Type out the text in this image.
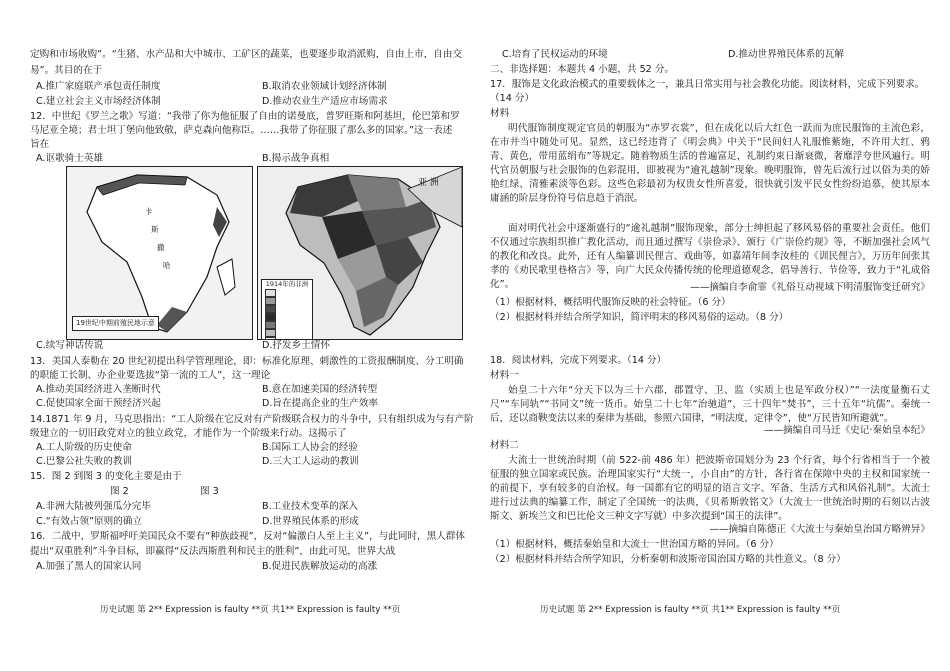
定购和市场收购”。“生猪、水产品和大中城市、工矿区的蔬菜，也要逐步取消派购，自由上市，自由交
易”。其目的在于
A.推广家庭联产承包责任制度	B.取消农业领域计划经济体制
C.建立社会主义市场经济体制	D.推动农业生产适应市场需求
12．中世纪《罗兰之歌》写道：“我带了你为他征服了自由的诺曼底，普罗旺斯和阿基坦，伦巴第和罗
马尼亚全境；君士坦丁堡向他致敬，萨克森向他称臣。……我带了你征服了那么多的国家。”这一表述
旨在
A.讴歌骑士英雄	B.揭示战争真相
卡
斯
撒
哈
19世纪中期前殖民地示意
亚 洲
1914年的非洲
C.续写神话传说	D.抒发乡土情怀
13．美国人泰勒在 20 世纪初提出科学管理理论，即：标准化原理、刺激性的工资报酬制度、分工明确
的职能工长制、办企业要选拔“第一流的工人”，这一理论
A.推动美国经济进入垄断时代	B.意在加速美国的经济转型
C.促使国家全面干预经济兴起	D.旨在提高企业的生产效率
14.1871 年 9 月，马克思指出：“工人阶级在它反对有产阶级联合权力的斗争中，只有组织成为与有产阶
级建立的一切旧政党对立的独立政党，才能作为一个阶级来行动。这揭示了
A.工人阶级的历史使命	B.国际工人协会的经验
C.巴黎公社失败的教训	D.三大工人运动的教训
15．图 2 到图 3 的变化主要是由于
图 2	图 3
A.非洲大陆被列强瓜分完毕	B.工业技术变革的深入
C.“有效占领”原则的确立	D.世界殖民体系的形成
16．二战中，罗斯福呼吁美国民众不要有“种族歧视”，反对“偏激白人至上主义”，与此同时，黑人群体
提出“双重胜利”斗争目标，即赢得“反法西斯胜利和民主的胜利”，由此可见，世界大战
A.加强了黑人的国家认同	B.促进民族解放运动的高涨
历史试题 第 2** Expression is faulty **页 共1** Expression is faulty **页
C.培育了民权运动的环境	D.推动世界殖民体系的瓦解
二、非选择题：本题共 4 小题，共 52 分。
17．服饰是文化政治模式的重要载体之一，兼具日常实用与社会教化功能。阅读材料，完成下列要求。
（14 分）
材料
明代服饰制度规定官员的朝服为“赤罗衣裳”，但在成化以后大红色一跃而为庶民服饰的主流色彩，在市井当中随处可见。显然，这已经违背了《明会典》中关于“民间妇人礼服惟紫絁，不许用大红、鸦青、黄色，带用蓝绢布”等规定。随着物质生活的普遍富足，礼制约束日渐衰微，奢靡浮夸世风遍行。明代官员朝服与社会服饰的色彩混用，即被视为“逾礼越制”现象。晚明服饰，曾先后流行过以俗为美的娇艳红绿、清雅素淡等色彩。这些色彩最初为权贵女性所喜爱，很快就引发平民女性纷纷追慕，使其原本庸涵的阶层身份符号信息趋于消泯。
面对明代社会中逐渐盛行的“逾礼越制”服饰现象，部分士绅担起了移风易俗的重要社会责任。他们不仅通过宗族组织推广教化活动，而且通过撰写《崇俭录》、颁行《广崇俭约规》等，不断加强社会风气的教化和改良。此外，还有人编纂训民俚言、戏曲等，如嘉靖年间李汝桂的《训民俚言》，万历年间张其孝的《劝民歌里巷格言》等，向广大民众传播传统的伦理道德观念，倡导善行、节俭等，致力于“礼成俗化”。	——摘编自李俞霏《礼俗互动视域下明清服饰变迁研究》
（1）根据材料，概括明代服饰反映的社会特征。（6 分）
（2）根据材料并结合所学知识，简评明末的移风易俗的运动。（8 分）
18．阅读材料，完成下列要求。（14 分）
材料一
始皇二十六年“分天下以为三十六郡，郡置守、卫、监（实质上也是军政分权）”“一法度量衡石丈尺”“车同轨”“书同文”统一货币。始皇二十七年“治驰道”，三十四年“焚书”，三十五年“坑儒”。秦统一后，还以商鞅变法以来的秦律为基础，参照六国律，“明法度，定律令”，使“万民皆知所避就”。
——摘编自司马迁《史记·秦始皇本纪》
材料二
大流士一世统治时期（前 522-前 486 年）把波斯帝国划分为 23 个行省，每个行省相当于一个被征服的独立国家或民族。治理国家实行“大统一，小自由”的方针，各行省在保障中央的主权和国家统一的前提下，享有较多的自治权。每一国都有它的明显的语言文字、军备、生活方式和风俗礼制”。大流士进行过法典的编纂工作，制定了全国统一的法典，《贝希斯敦铭文》（大流士一世统治时期的石刻以古波斯文、新埃兰文和巴比伦文三种文字写就）中多次提到“国王的法律”。
——摘编自陈德正《大流士与秦始皇治国方略辨异》
（1）根据材料，概括秦始皇和大流士一世治国方略的异同。（6 分）
（2）根据材料并结合所学知识，分析秦朝和波斯帝国治国方略的共性意义。（8 分）
历史试题 第 2** Expression is faulty **页 共1** Expression is faulty **页
